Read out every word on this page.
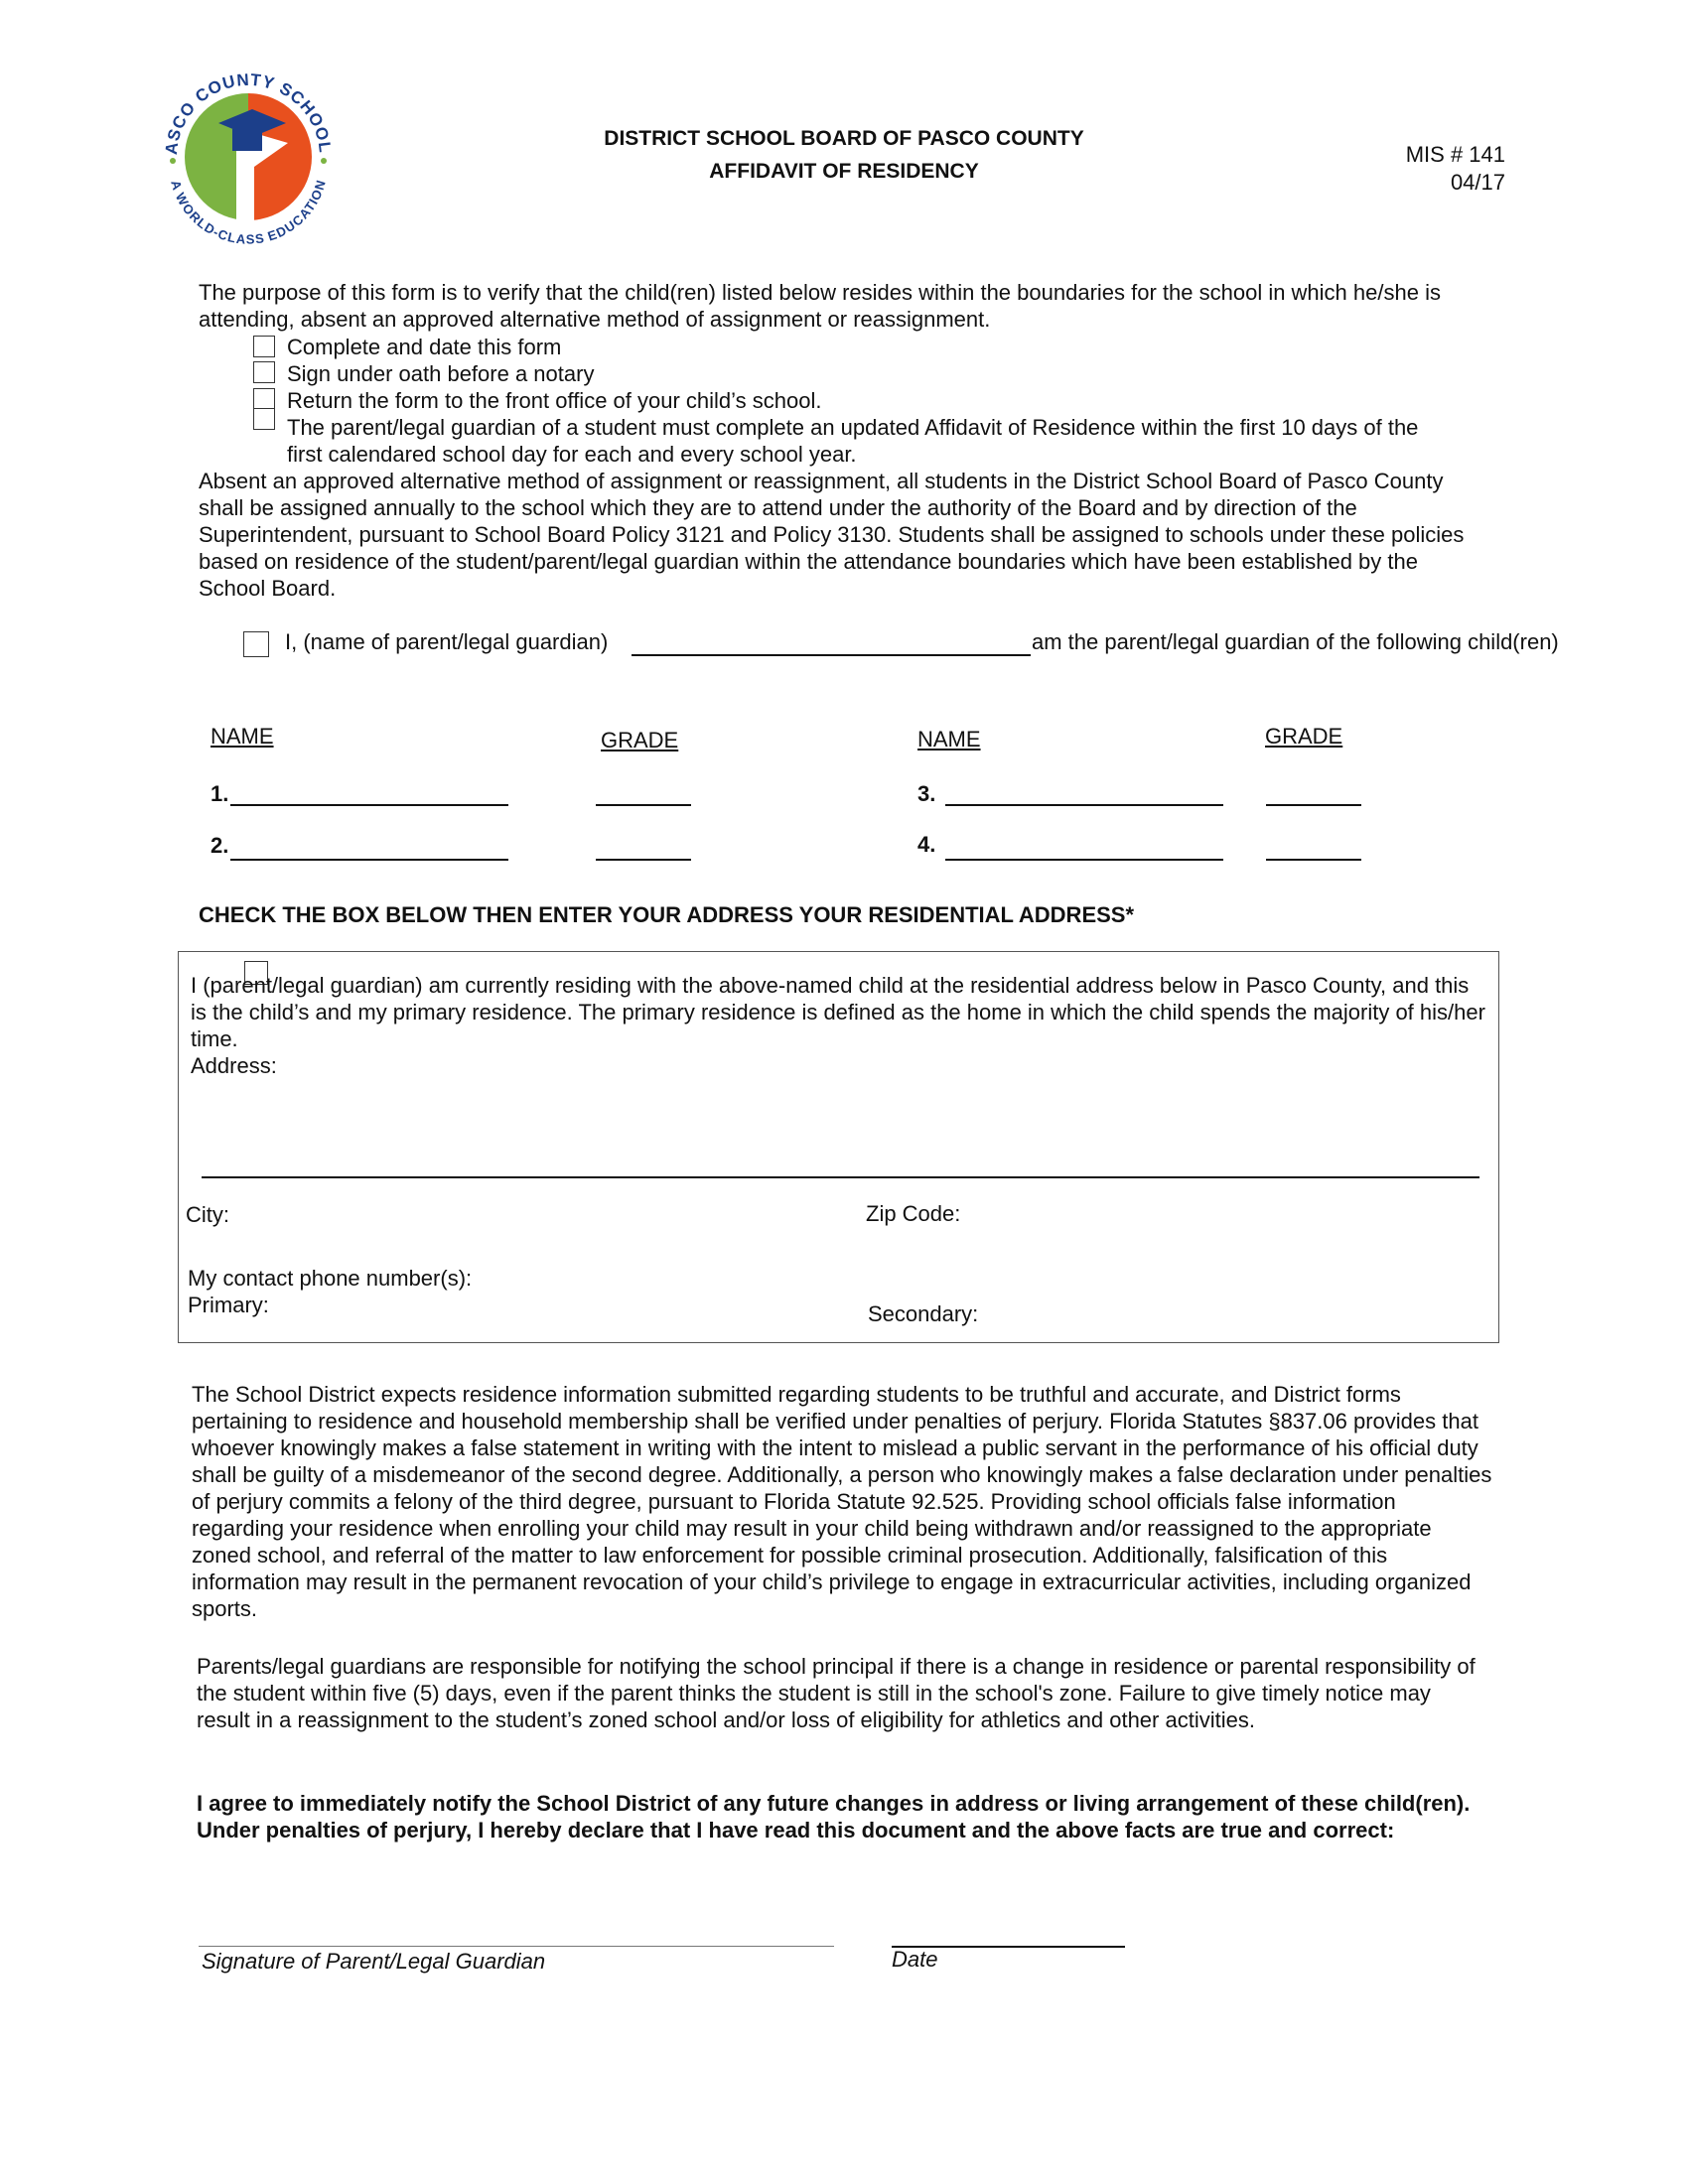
ASCO COUNTY SCHOOL
A WORLD-CLASS EDUCATION
DISTRICT SCHOOL BOARD OF PASCO COUNTY
AFFIDAVIT OF RESIDENCY
MIS # 141
04/17
The purpose of this form is to verify that the child(ren) listed below resides within the boundaries for the school in which he/she is attending, absent an approved alternative method of assignment or reassignment.
Complete and date this form
Sign under oath before a notary
Return the form to the front office of your child’s school.
The parent/legal guardian of a student must complete an updated Affidavit of Residence within the first 10 days of the first calendared school day for each and every school year.
Absent an approved alternative method of assignment or reassignment, all students in the District School Board of Pasco County shall be assigned annually to the school which they are to attend under the authority of the Board and by direction of the Superintendent, pursuant to School Board Policy 3121 and Policy 3130. Students shall be assigned to schools under these policies based on residence of the student/parent/legal guardian within the attendance boundaries which have been established by the School Board.
I, (name of parent/legal guardian)	am the parent/legal guardian of the following child(ren)
NAME	GRADE	NAME	GRADE
1.
2.
3.
4.
CHECK THE BOX BELOW THEN ENTER YOUR ADDRESS YOUR RESIDENTIAL ADDRESS*
I (parent/legal guardian) am currently residing with the above-named child at the residential address below in Pasco County, and this is the child’s and my primary residence. The primary residence is defined as the home in which the child spends the majority of his/her time.
Address:
City:	Zip Code:
My contact phone number(s):
Primary:	Secondary:
The School District expects residence information submitted regarding students to be truthful and accurate, and District forms pertaining to residence and household membership shall be verified under penalties of perjury. Florida Statutes §837.06 provides that whoever knowingly makes a false statement in writing with the intent to mislead a public servant in the performance of his official duty shall be guilty of a misdemeanor of the second degree. Additionally, a person who knowingly makes a false declaration under penalties of perjury commits a felony of the third degree, pursuant to Florida Statute 92.525. Providing school officials false information regarding your residence when enrolling your child may result in your child being withdrawn and/or reassigned to the appropriate zoned school, and referral of the matter to law enforcement for possible criminal prosecution. Additionally, falsification of this information may result in the permanent revocation of your child’s privilege to engage in extracurricular activities, including organized sports.
Parents/legal guardians are responsible for notifying the school principal if there is a change in residence or parental responsibility of the student within five (5) days, even if the parent thinks the student is still in the school's zone. Failure to give timely notice may result in a reassignment to the student’s zoned school and/or loss of eligibility for athletics and other activities.
I agree to immediately notify the School District of any future changes in address or living arrangement of these child(ren). Under penalties of perjury, I hereby declare that I have read this document and the above facts are true and correct:
Signature of Parent/Legal Guardian	Date
